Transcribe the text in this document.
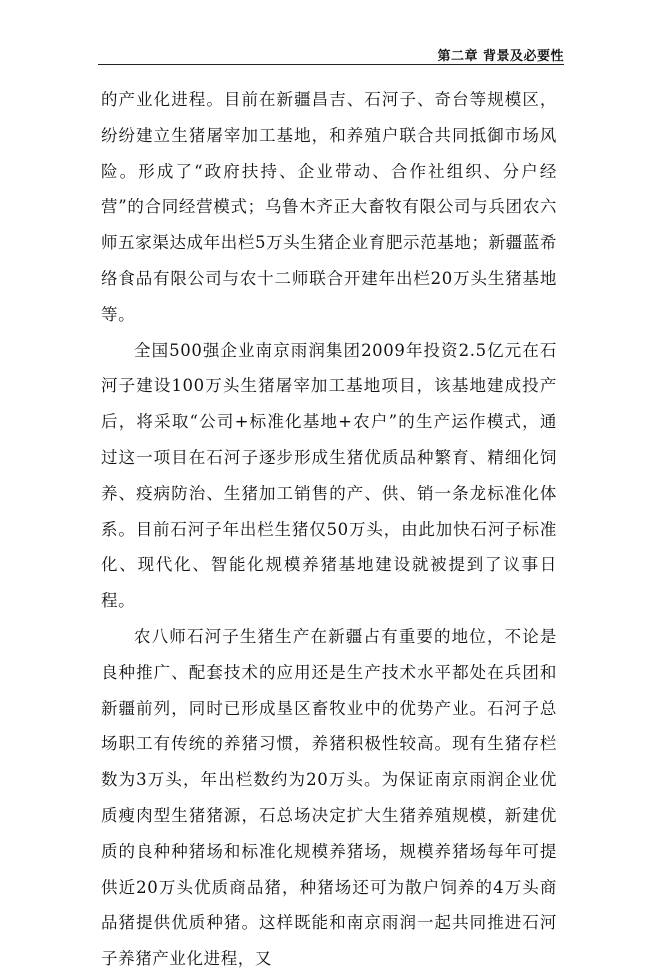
第二章 背景及必要性

的产业化进程。目前在新疆昌吉、石河子、奇台等规模区，纷纷建立生猪屠宰加工基地，和养殖户联合共同抵御市场风险。形成了“政府扶持、企业带动、合作社组织、分户经营”的合同经营模式；乌鲁木齐正大畜牧有限公司与兵团农六师五家渠达成年出栏5万头生猪企业育肥示范基地；新疆蓝希络食品有限公司与农十二师联合开建年出栏20万头生猪基地等。

全国500强企业南京雨润集团2009年投资2.5亿元在石河子建设100万头生猪屠宰加工基地项目，该基地建成投产后，将采取“公司+标准化基地+农户”的生产运作模式，通过这一项目在石河子逐步形成生猪优质品种繁育、精细化饲养、疫病防治、生猪加工销售的产、供、销一条龙标准化体系。目前石河子年出栏生猪仅50万头，由此加快石河子标准化、现代化、智能化规模养猪基地建设就被提到了议事日程。

农八师石河子生猪生产在新疆占有重要的地位，不论是良种推广、配套技术的应用还是生产技术水平都处在兵团和新疆前列，同时已形成垦区畜牧业中的优势产业。石河子总场职工有传统的养猪习惯，养猪积极性较高。现有生猪存栏数为3万头，年出栏数约为20万头。为保证南京雨润企业优质瘦肉型生猪猪源，石总场决定扩大生猪养殖规模，新建优质的良种种猪场和标准化规模养猪场，规模养猪场每年可提供近20万头优质商品猪，种猪场还可为散户饲养的4万头商品猪提供优质种猪。这样既能和南京雨润一起共同推进石河子养猪产业化进程，又
